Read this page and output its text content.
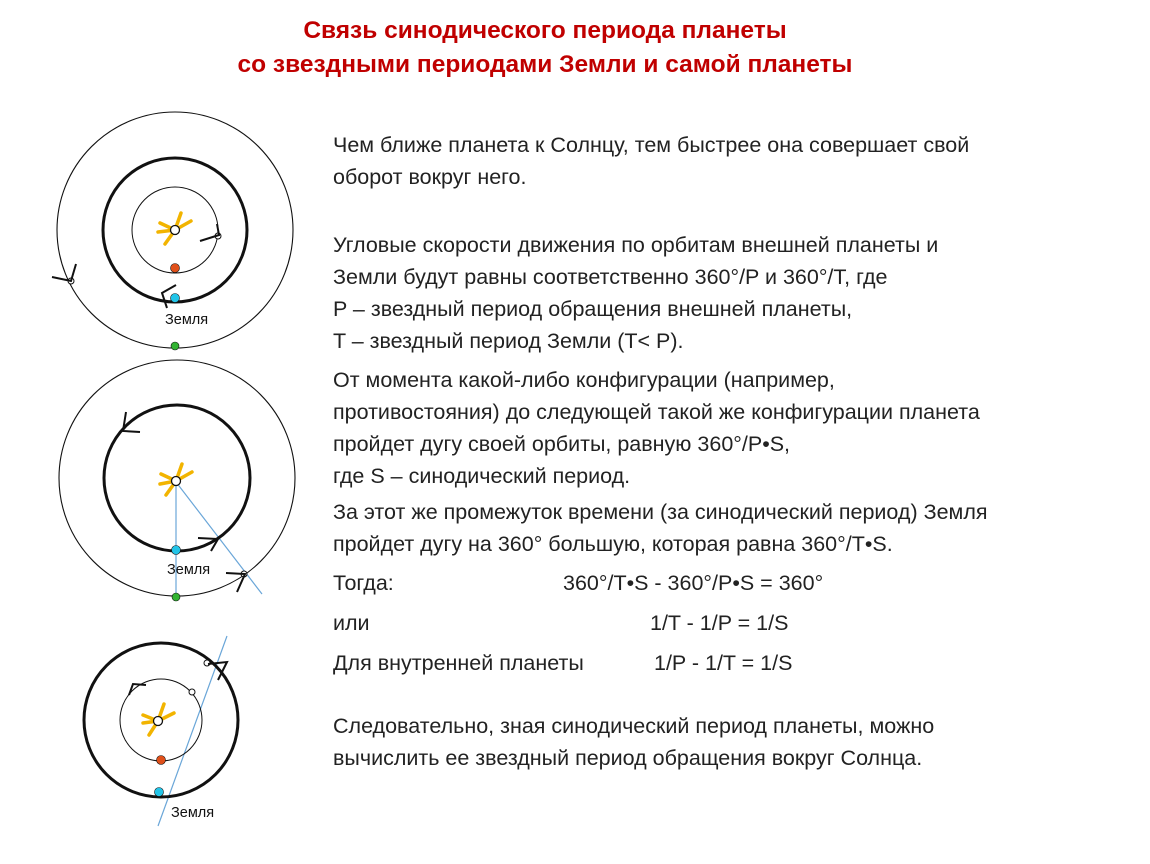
Связь синодического периода планеты
со звездными периодами Земли и самой планеты
Земля
Земля
Земля

Чем ближе планета к Солнцу, тем быстрее она совершает свой
оборот вокруг него.

Угловые скорости движения по орбитам внешней планеты и
Земли будут равны соответственно 360°/P и 360°/T, где
P – звездный период обращения внешней планеты,
T – звездный период Земли (T< P).

От момента какой-либо конфигурации (например,
противостояния) до следующей такой же конфигурации планета
пройдет дугу своей орбиты, равную 360°/P•S,
где S – синодический период.

За этот же промежуток времени (за синодический период) Земля
пройдет дугу на 360° большую, которая равна 360°/T•S.

Тогда:	360°/T•S - 360°/P•S = 360°
или	1/T - 1/P = 1/S
Для внутренней планеты	1/P - 1/T = 1/S

Следовательно, зная синодический период планеты, можно
вычислить ее звездный период обращения вокруг Солнца.
